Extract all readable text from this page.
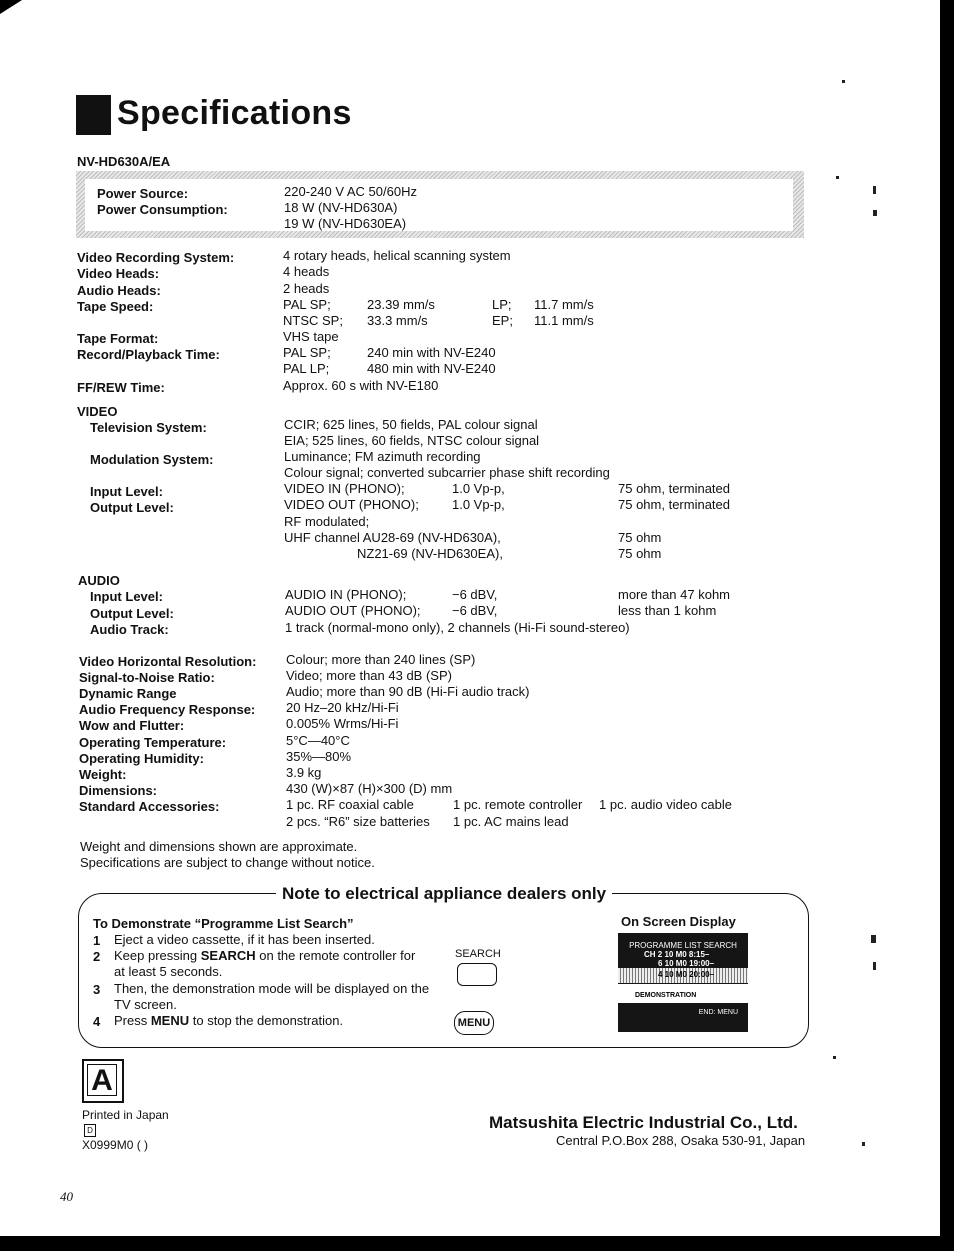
Specifications
NV-HD630A/EA
Power Source:	220-240 V AC 50/60Hz
Power Consumption:	18 W (NV-HD630A)
19 W (NV-HD630EA)
Video Recording System:	4 rotary heads, helical scanning system
Video Heads:	4 heads
Audio Heads:	2 heads
Tape Speed:	PAL SP;	23.39 mm/s	LP; 11.7 mm/s
NTSC SP; 33.3 mm/s	EP; 11.1 mm/s
Tape Format:	VHS tape
Record/Playback Time:	PAL SP;	240 min with NV-E240
PAL LP;	480 min with NV-E240
FF/REW Time:	Approx. 60 s with NV-E180
VIDEO
Television System:	CCIR; 625 lines, 50 fields, PAL colour signal
EIA; 525 lines, 60 fields, NTSC colour signal
Modulation System:	Luminance; FM azimuth recording
Colour signal; converted subcarrier phase shift recording
Input Level:	VIDEO IN (PHONO);	1.0 Vp-p,	75 ohm, terminated
Output Level:	VIDEO OUT (PHONO);	1.0 Vp-p,	75 ohm, terminated
RF modulated;
UHF channel AU28-69 (NV-HD630A),	75 ohm
NZ21-69 (NV-HD630EA),	75 ohm
AUDIO
Input Level:	AUDIO IN (PHONO);	−6 dBV,	more than 47 kohm
Output Level:	AUDIO OUT (PHONO); −6 dBV,	less than 1 kohm
Audio Track:	1 track (normal-mono only), 2 channels (Hi-Fi sound-stereo)
Video Horizontal Resolution: Colour; more than 240 lines (SP)
Signal-to-Noise Ratio:	Video; more than 43 dB (SP)
Dynamic Range	Audio; more than 90 dB (Hi-Fi audio track)
Audio Frequency Response: 20 Hz–20 kHz/Hi-Fi
Wow and Flutter:	0.005% Wrms/Hi-Fi
Operating Temperature:	5°C—40°C
Operating Humidity:	35%—80%
Weight:	3.9 kg
Dimensions:	430 (W)×87 (H)×300 (D) mm
Standard Accessories:	1 pc. RF coaxial cable	1 pc. remote controller 1 pc. audio video cable
2 pcs. “R6” size batteries 1 pc. AC mains lead
Weight and dimensions shown are approximate.
Specifications are subject to change without notice.
Note to electrical appliance dealers only
To Demonstrate “Programme List Search”
1 Eject a video cassette, if it has been inserted.
2 Keep pressing SEARCH on the remote controller for
at least 5 seconds.
3 Then, the demonstration mode will be displayed on the
TV screen.
4 Press MENU to stop the demonstration.
SEARCH
MENU
On Screen Display
PROGRAMME LIST SEARCH
CH 2 10 M0 8:15–
6 10 M0 19:00–
4 10 M0 20:00–
DEMONSTRATION
END: MENU
A
Printed in Japan
D
X0999M0 ( )
Matsushita Electric Industrial Co., Ltd.
Central P.O.Box 288, Osaka 530-91, Japan
40
